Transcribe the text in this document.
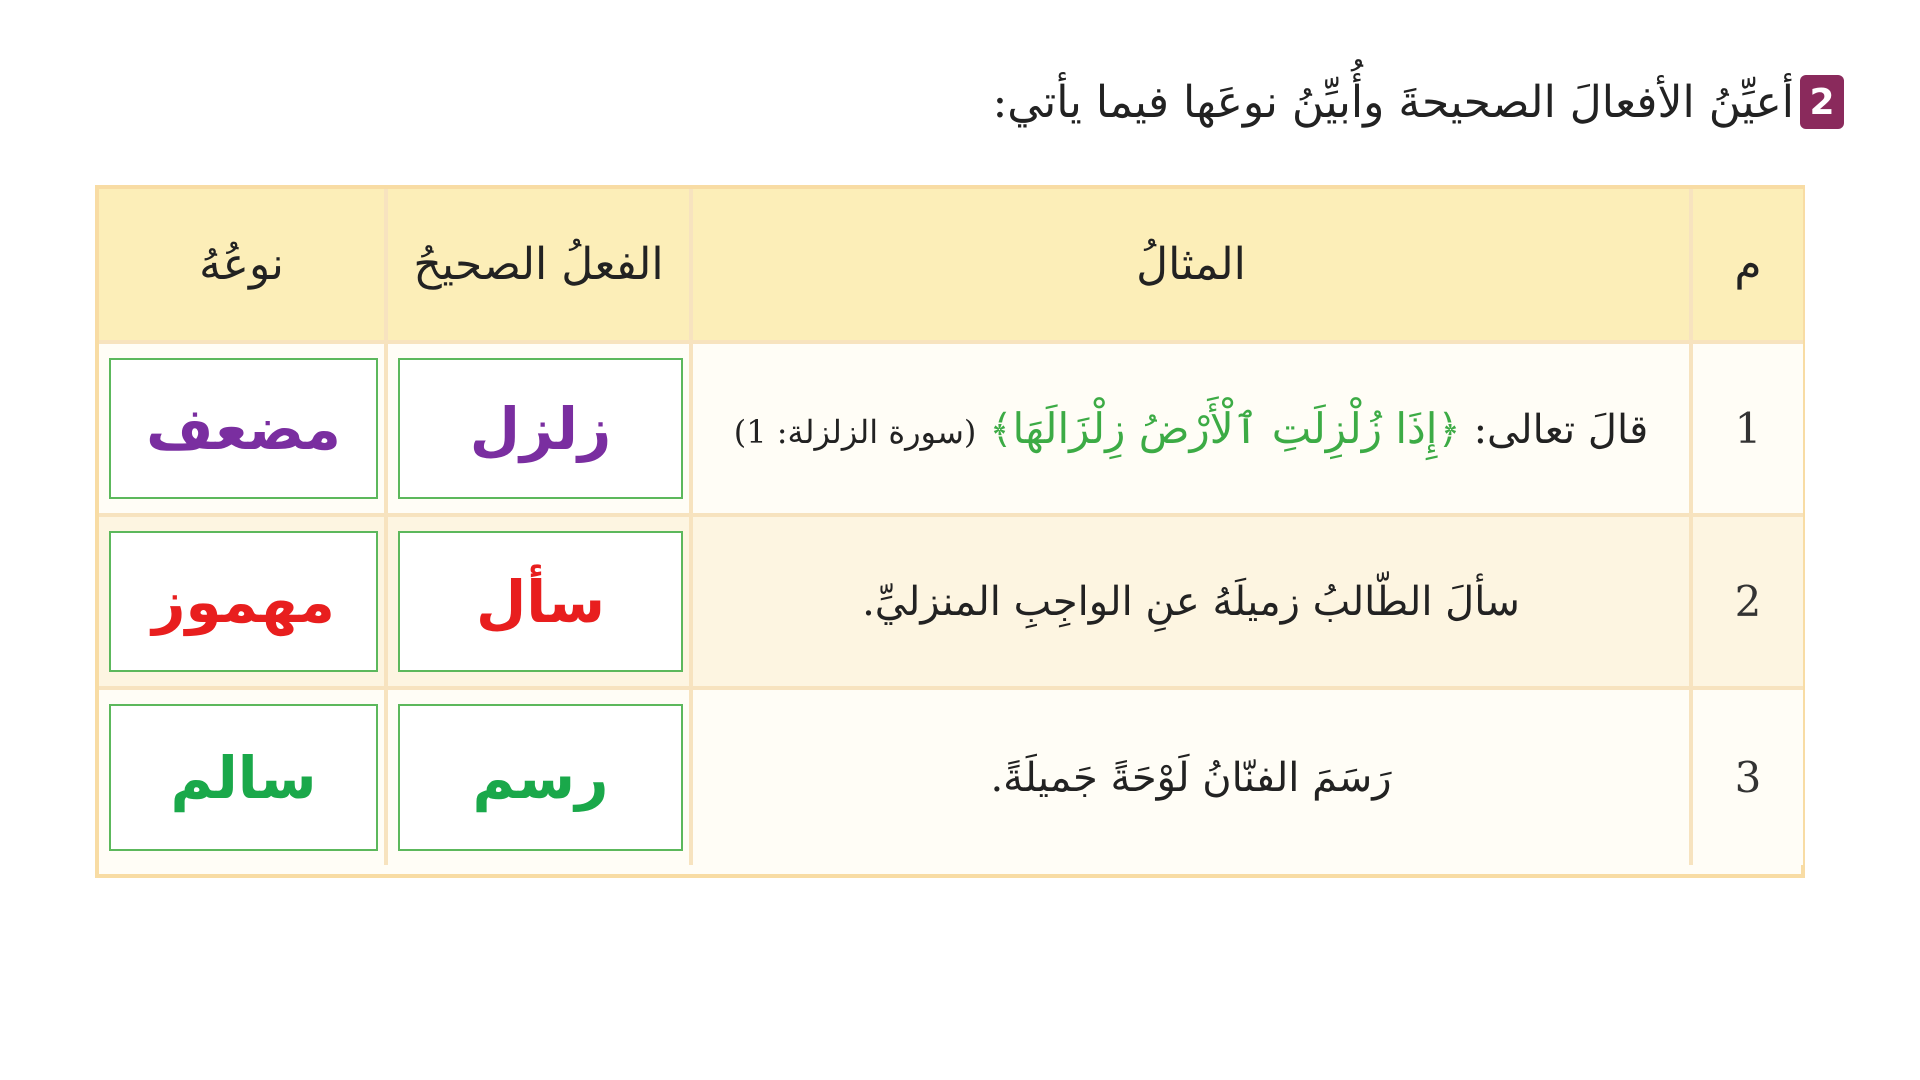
2
أعيِّنُ الأفعالَ الصحيحةَ وأُبيِّنُ نوعَها فيما يأتي:
نوعُهُ	الفعلُ الصحيحُ	المثالُ	م
مضعف	زلزل	قالَ تعالى: ﴿إِذَا زُلْزِلَتِ ٱلْأَرْضُ زِلْزَالَهَا﴾ (سورة الزلزلة: 1)	1
مهموز	سأل	سألَ الطّالبُ زميلَهُ عنِ الواجِبِ المنزليِّ.	2
سالم	رسم	رَسَمَ الفنّانُ لَوْحَةً جَميلَةً.	3
